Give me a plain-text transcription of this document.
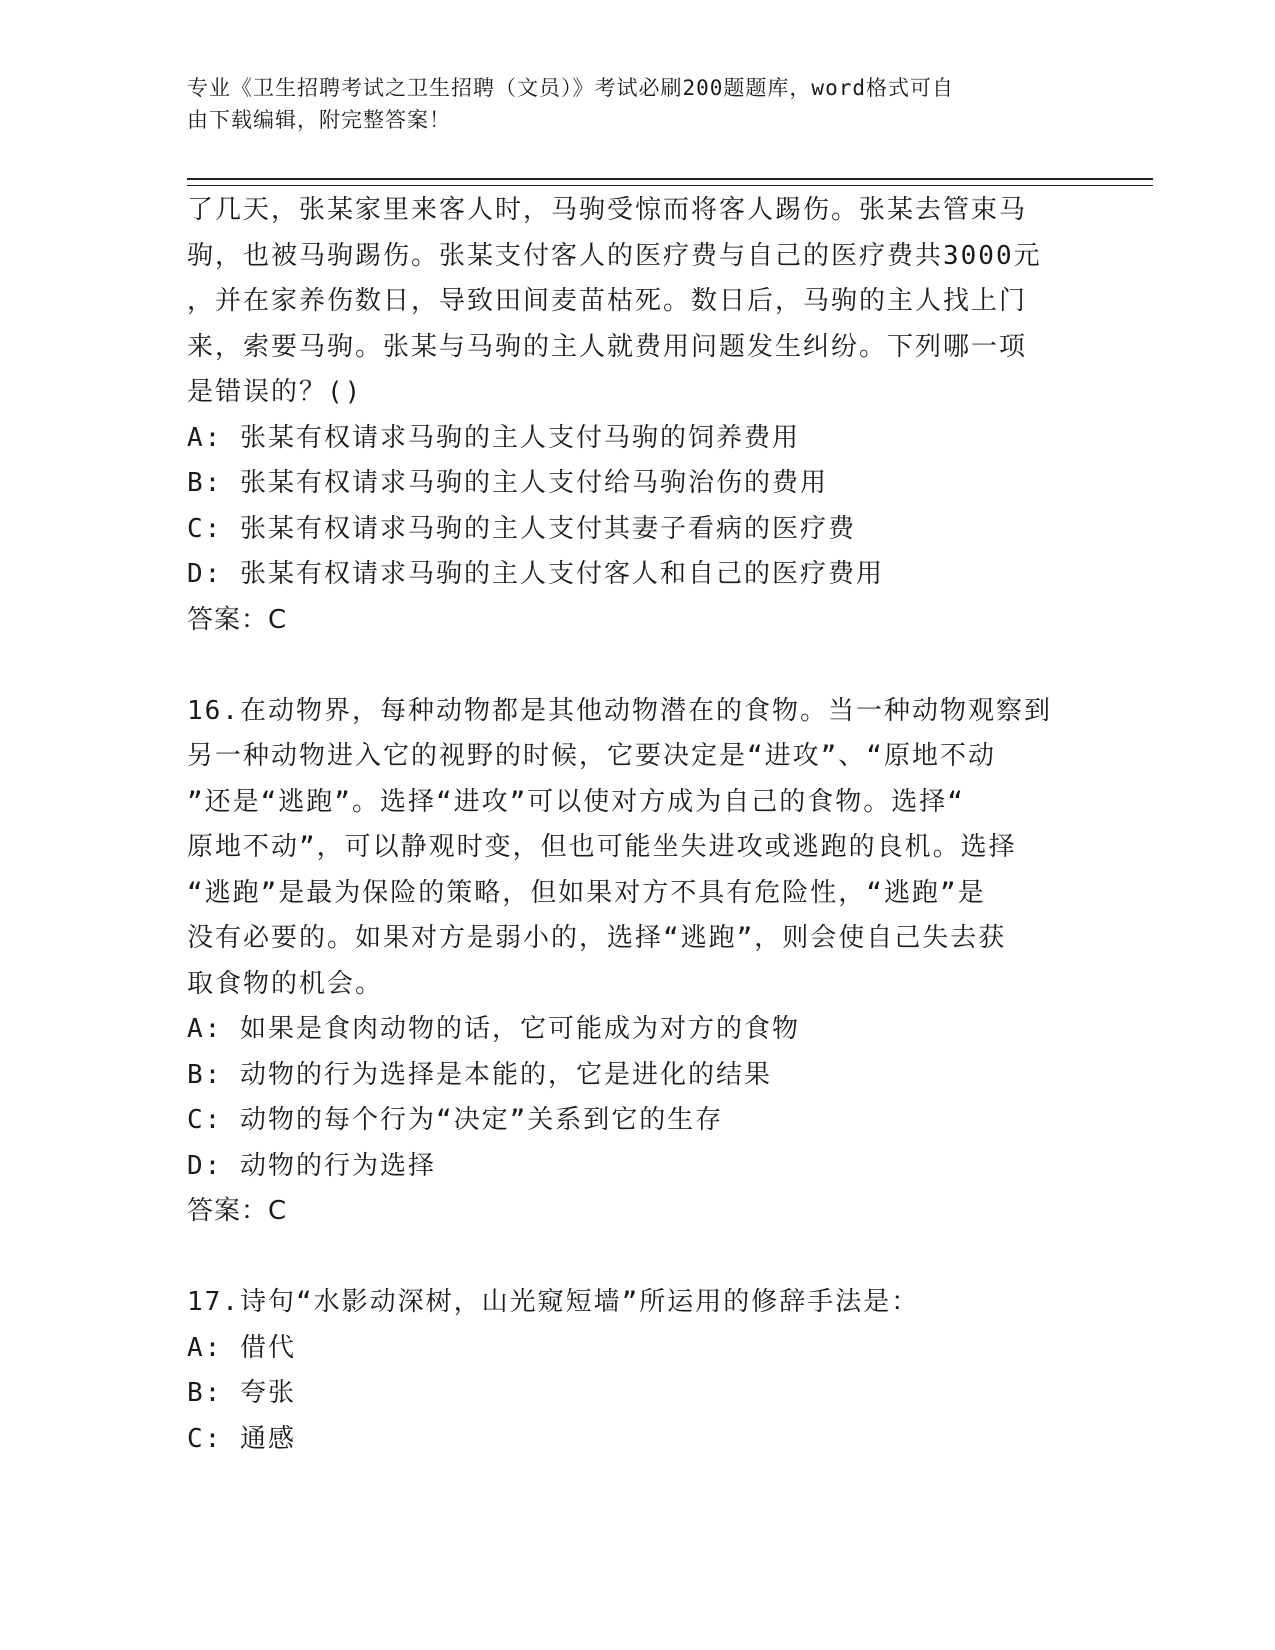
专业《卫生招聘考试之卫生招聘（文员）》考试必刷200题题库，word格式可自
由下载编辑，附完整答案！
了几天，张某家里来客人时，马驹受惊而将客人踢伤。张某去管束马
驹，也被马驹踢伤。张某支付客人的医疗费与自己的医疗费共3000元
，并在家养伤数日，导致田间麦苗枯死。数日后，马驹的主人找上门
来，索要马驹。张某与马驹的主人就费用问题发生纠纷。下列哪一项
是错误的？()
A: 张某有权请求马驹的主人支付马驹的饲养费用
B: 张某有权请求马驹的主人支付给马驹治伤的费用
C: 张某有权请求马驹的主人支付其妻子看病的医疗费
D: 张某有权请求马驹的主人支付客人和自己的医疗费用
答案：C
16.在动物界，每种动物都是其他动物潜在的食物。当一种动物观察到
另一种动物进入它的视野的时候，它要决定是“进攻”、“原地不动
”还是“逃跑”。选择“进攻”可以使对方成为自己的食物。选择“
原地不动”，可以静观时变，但也可能坐失进攻或逃跑的良机。选择
“逃跑”是最为保险的策略，但如果对方不具有危险性，“逃跑”是
没有必要的。如果对方是弱小的，选择“逃跑”，则会使自己失去获
取食物的机会。
A: 如果是食肉动物的话，它可能成为对方的食物
B: 动物的行为选择是本能的，它是进化的结果
C: 动物的每个行为“决定”关系到它的生存
D: 动物的行为选择
答案：C
17.诗句“水影动深树，山光窥短墙”所运用的修辞手法是：
A: 借代
B: 夸张
C: 通感
